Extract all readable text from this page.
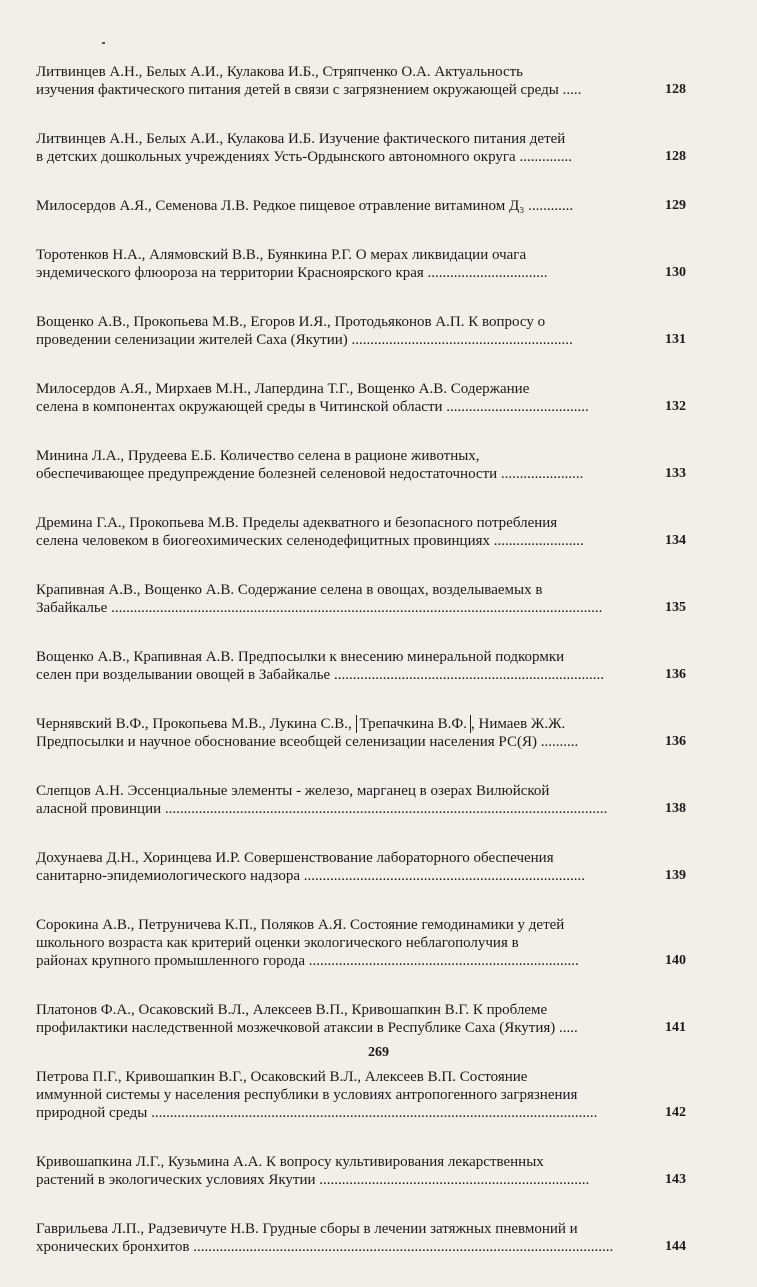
Литвинцев А.Н., Белых А.И., Кулакова И.Б., Стряпченко О.А. Актуальность
изучения фактического питания детей в связи с загрязнением окружающей среды .....	128
Литвинцев А.Н., Белых А.И., Кулакова И.Б. Изучение фактического питания детей
в детских дошкольных учреждениях Усть-Ордынского автономного округа ..............	128
Милосердов А.Я., Семенова Л.В. Редкое пищевое отравление витамином Д₃ ............	129
Торотенков Н.А., Алямовский В.В., Буянкина Р.Г. О мерах ликвидации очага
эндемического флюороза на территории Красноярского края ................................	130
Вощенко А.В., Прокопьева М.В., Егоров И.Я., Протодьяконов А.П. К вопросу о
проведении селенизации жителей Саха (Якутии) ...........................................................	131
Милосердов А.Я., Мирхаев М.Н., Лапердина Т.Г., Вощенко А.В. Содержание
селена в компонентах окружающей среды в Читинской области ......................................	132
Минина Л.А., Прудеева Е.Б. Количество селена в рационе животных,
обеспечивающее предупреждение болезней селеновой недостаточности ......................	133
Дремина Г.А., Прокопьева М.В. Пределы адекватного и безопасного потребления
селена человеком в биогеохимических селенодефицитных провинциях ........................	134
Крапивная А.В., Вощенко А.В. Содержание селена в овощах, возделываемых в
Забайкалье ...................................................................................................................................	135
Вощенко А.В., Крапивная А.В. Предпосылки к внесению минеральной подкормки
селен при возделывании овощей в Забайкалье ........................................................................	136
Чернявский В.Ф., Прокопьева М.В., Лукина С.В., Трепачкина В.Ф. , Нимаев Ж.Ж.
Предпосылки и научное обоснование всеобщей селенизации населения РС(Я) ..........	136
Слепцов А.Н. Эссенциальные элементы - железо, марганец в озерах Вилюйской
аласной провинции ......................................................................................................................	138
Дохунаева Д.Н., Хоринцева И.Р. Совершенствование лабораторного обеспечения
санитарно-эпидемиологического надзора ...........................................................................	139
Сорокина А.В., Петруничева К.П., Поляков А.Я. Состояние гемодинамики у детей
школьного возраста как критерий оценки экологического неблагополучия в
районах крупного промышленного города ........................................................................	140
Платонов Ф.А., Осаковский В.Л., Алексеев В.П., Кривошапкин В.Г. К проблеме
профилактики наследственной мозжечковой атаксии в Республике Саха (Якутия) .....	141
Петрова П.Г., Кривошапкин В.Г., Осаковский В.Л., Алексеев В.П. Состояние
иммунной системы у населения республики в условиях антропогенного загрязнения
природной среды .......................................................................................................................	142
Кривошапкина Л.Г., Кузьмина А.А. К вопросу культивирования лекарственных
растений в экологических условиях Якутии ........................................................................	143
Гаврильева Л.П., Радзевичуте Н.В. Грудные сборы в лечении затяжных пневмоний и
хронических бронхитов ................................................................................................................	144
269
